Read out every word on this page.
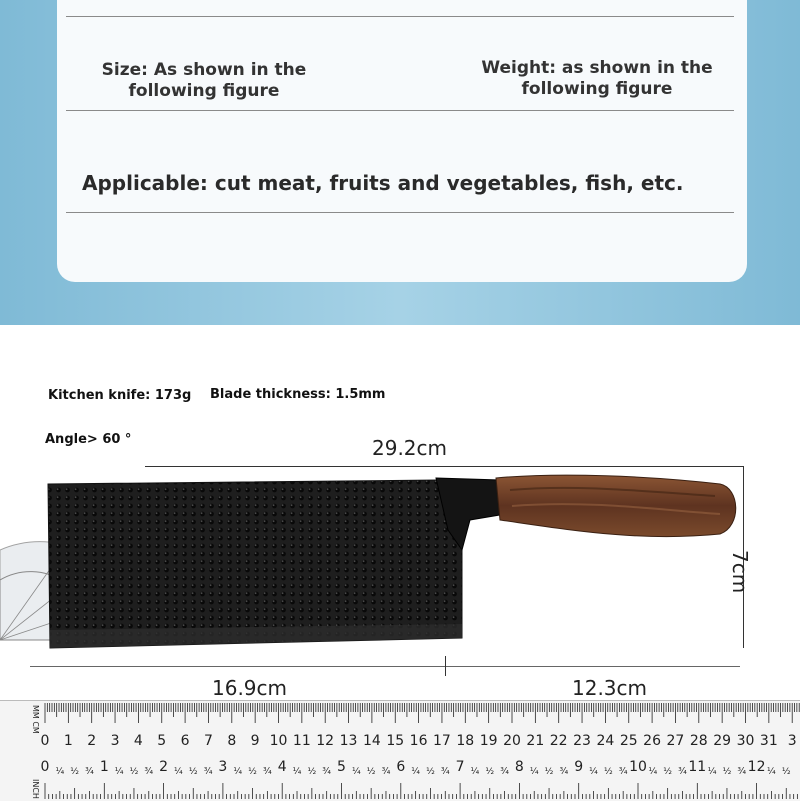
Size: As shown in the following figure
Weight: as shown in the following figure
Applicable: cut meat, fruits and vegetables, fish, etc.
Kitchen knife: 173g Blade thickness: 1.5mm
Angle> 60 °	29.2cm
7cm
16.9cm	12.3cm
MM CM
INCH
0 1 2 3 4 5 6 7 8 9 10 11 12 13 14 15 16 17 18 19 20 21 22 23 24 25 26 27 28 29 30 31 3
0 ¼ ½ ¾ 1 ¼ ½ ¾ 2 ¼ ½ ¾ 3 ¼ ½ ¾ 4 ¼ ½ ¾ 5 ¼ ½ ¾ 6 ¼ ½ ¾ 7 ¼ ½ ¾ 8 ¼ ½ ¾ 9 ¼ ½ ¾ 10 ¼ ½ ¾ 11 ¼ ½ ¾ 12 ¼ ½
